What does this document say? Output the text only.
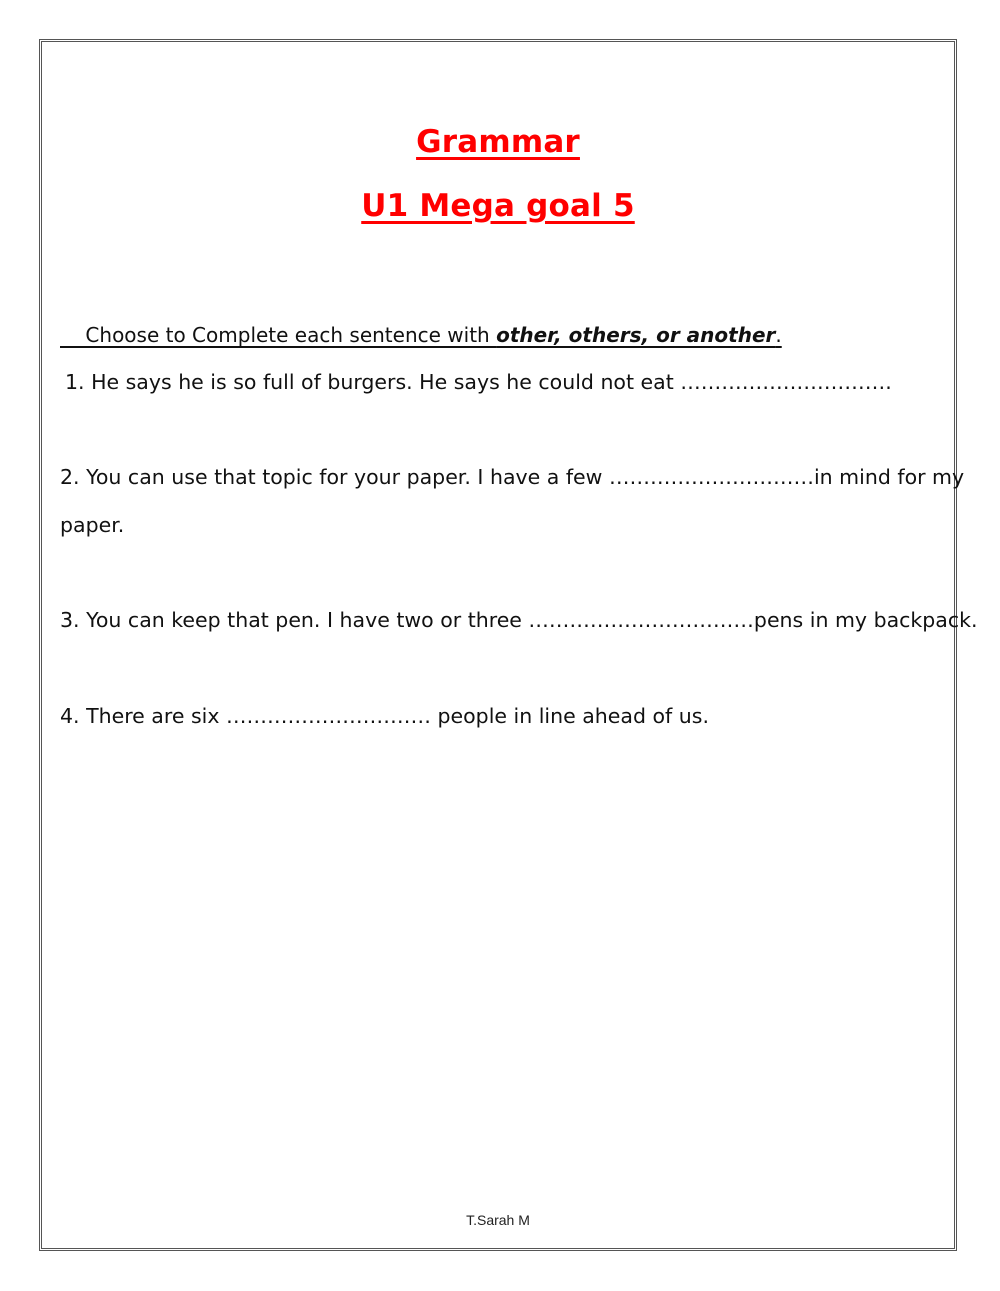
Grammar
U1 Mega goal 5
Choose to Complete each sentence with other, others, or another.
1. He says he is so full of burgers. He says he could not eat ………………………….
2. You can use that topic for your paper. I have a few …………………………in mind for my
paper.
3. You can keep that pen. I have two or three ……………………………pens in my backpack.
4. There are six ………………………… people in line ahead of us.
T.Sarah M
